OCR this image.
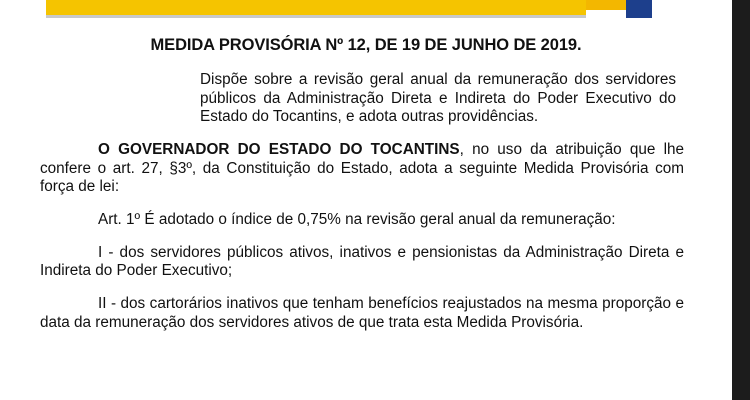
MEDIDA PROVISÓRIA Nº 12, DE 19 DE JUNHO DE 2019.
Dispõe sobre a revisão geral anual da remuneração dos servidores públicos da Administração Direta e Indireta do Poder Executivo do Estado do Tocantins, e adota outras providências.
O GOVERNADOR DO ESTADO DO TOCANTINS, no uso da atribuição que lhe confere o art. 27, §3º, da Constituição do Estado, adota a seguinte Medida Provisória com força de lei:
Art. 1º É adotado o índice de 0,75% na revisão geral anual da remuneração:
I - dos servidores públicos ativos, inativos e pensionistas da Administração Direta e Indireta do Poder Executivo;
II - dos cartorários inativos que tenham benefícios reajustados na mesma proporção e data da remuneração dos servidores ativos de que trata esta Medida Provisória.
